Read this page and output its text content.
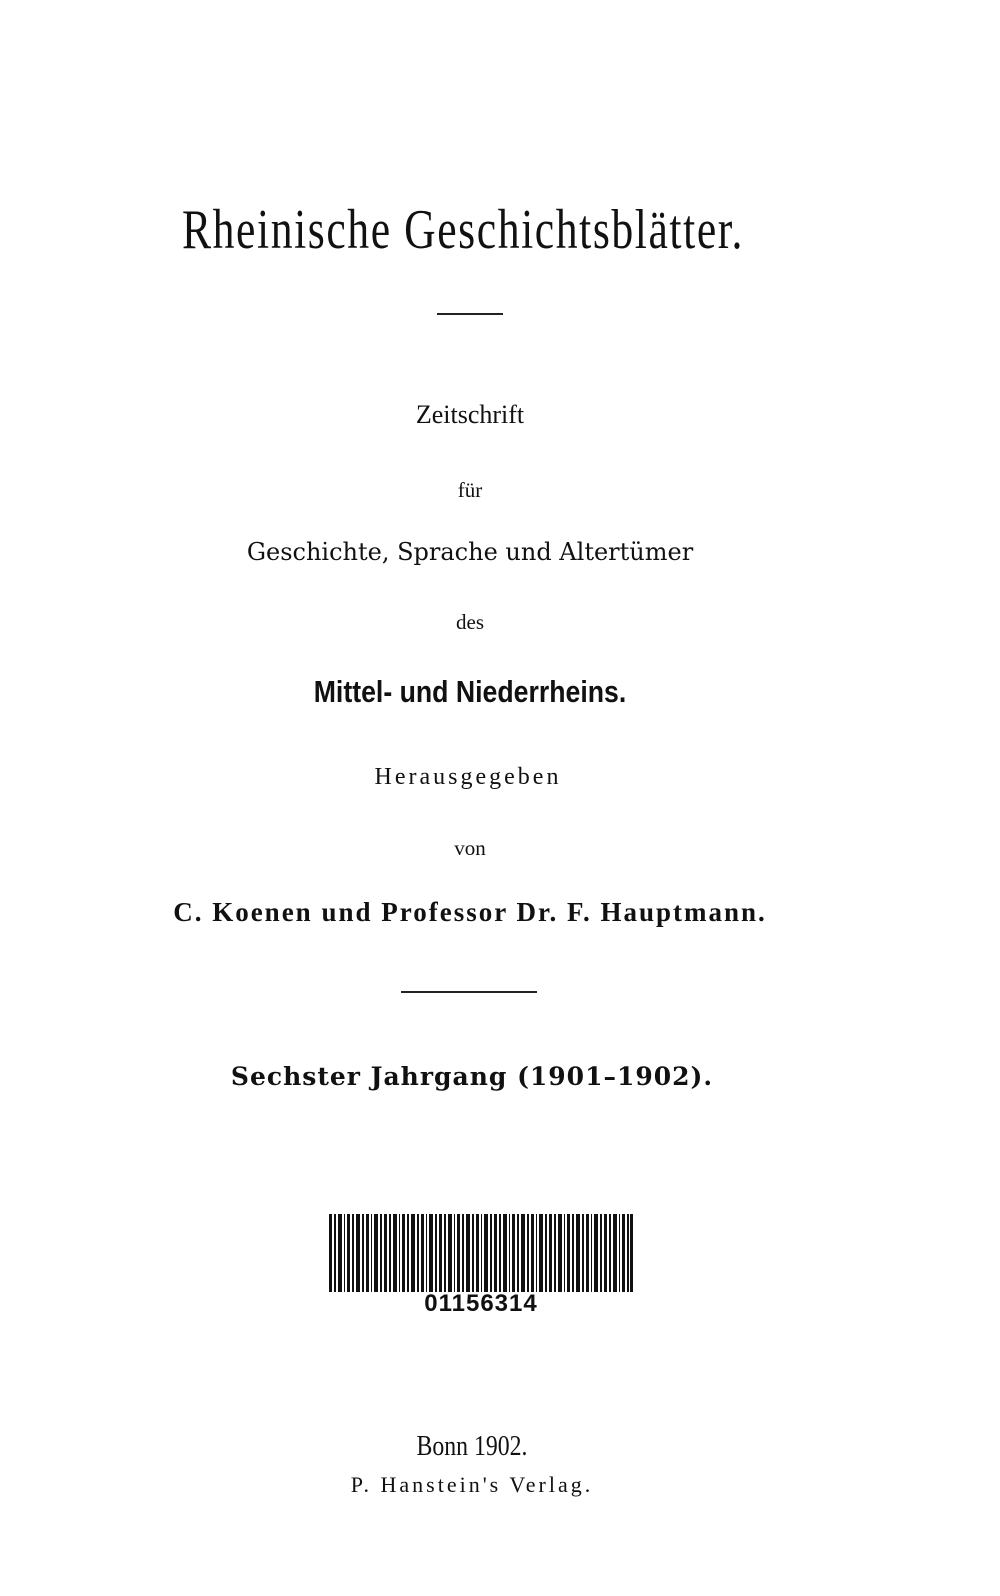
Rheinische Geschichtsblätter.
Zeitschrift
für
Geschichte, Sprache und Altertümer
des
Mittel- und Niederrheins.
Herausgegeben
von
C. Koenen und Professor Dr. F. Hauptmann.
Sechster Jahrgang (1901–1902).
01156314
Bonn 1902.
P. Hanstein's Verlag.
